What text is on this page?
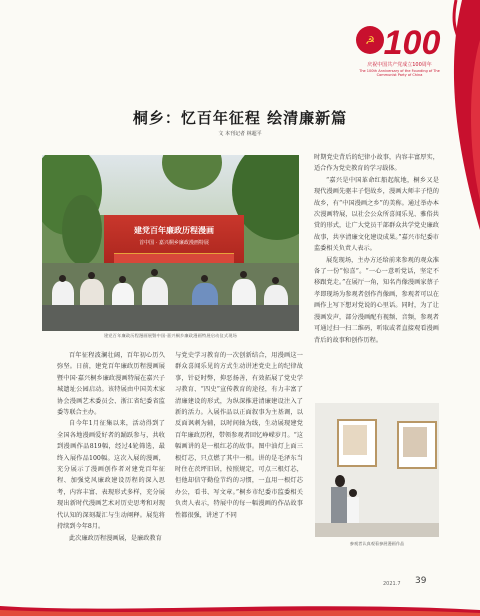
☭ 100
庆祝中国共产党成立100周年
The 100th Anniversary of the Founding of The Communist Party of China
桐乡：忆百年征程 绘清廉新篇
文 本刊记者 林超平
建党百年廉政历程漫画
首中国 · 嘉兴桐乡廉政漫画特展
建党百年廉政历程漫画展暨中国·嘉兴桐乡廉政漫画特展启动仪式现场

百年征程波澜壮阔，百年初心历久弥坚。日前，建党百年廉政历程漫画展暨中国·嘉兴桐乡廉政漫画特展在嘉兴子城遗址公园启动。该特展由中国美术家协会漫画艺术委员会、浙江省纪委省监委等联合主办。

自今年1月征集以来，活动得到了全国各地漫画爱好者的踊跃参与，共收到漫画作品819幅，经过4轮筛选，最终入展作品100幅。这次入展的漫画，充分展示了漫画创作者对建党百年征程、加强党风廉政建设历程的深入思考，内容丰富、表现形式多样，充分展现出新时代漫画艺术对历史思考和对现代认知的深刻凝汇与生动阐释。展览将持续到今年8月。

此次廉政历程漫画展，是廉政教育

与党史学习教育的一次创新结合，用漫画这一群众喜闻乐见的方式生动讲述党史上的纪律故事，针砭时弊，抑恶扬善，有效拓展了党史学习教育、“四史”宣传教育的途径，有力丰富了清廉建设的形式，为纵深推进清廉建设注入了新的活力。入展作品以正面叙事为主基调，以反面讽刺为辅，以时间轴为线，生动展现建党百年廉政历程，带领参观者回忆峥嵘岁月。“这幅画讲的是一根红芯的故事。图中油灯上面三根灯芯，只点燃了其中一根。讲的是毛泽东当时住在茨坪旧居，按照规定，可点三根灯芯，但他却信守勤俭节约的习惯，一直用一根灯芯办公，看书、写文章。”桐乡市纪委市监委相关负责人表示，特展中的每一幅漫画的作品故事性都很强，讲述了不同

时期党史背后的纪律小故事，内容丰富厚实，适合作为党史教育的学习载体。

“嘉兴是中国革命红船起航地，桐乡又是现代漫画先驱丰子恺故乡，漫画大师丰子恺的故乡，有“中国漫画之乡”的美称。通过举办本次漫画特展，以社会公众所喜闻乐见、雅俗共赏的形式，让广大党员干部群众共学党史廉政故事，共享清廉文化建设成果。”嘉兴市纪委市监委相关负责人表示。

展览现场，主办方还给前来参观的观众准备了一份“惊喜”。“一心一意听党话，坚定不移跟党走。”在展厅一角，知名肖像漫画家蔡子孝即现场为参观者创作肖像画，参观者可以在画作上写下想对党说的心里话。同时，为了让漫画发声，部分漫画配有视频、音频，参观者可通过扫一扫二维码，听取或者直接观看漫画背后的故事和创作历程。

参观者认真观看参展漫画作品
2021.7 39
